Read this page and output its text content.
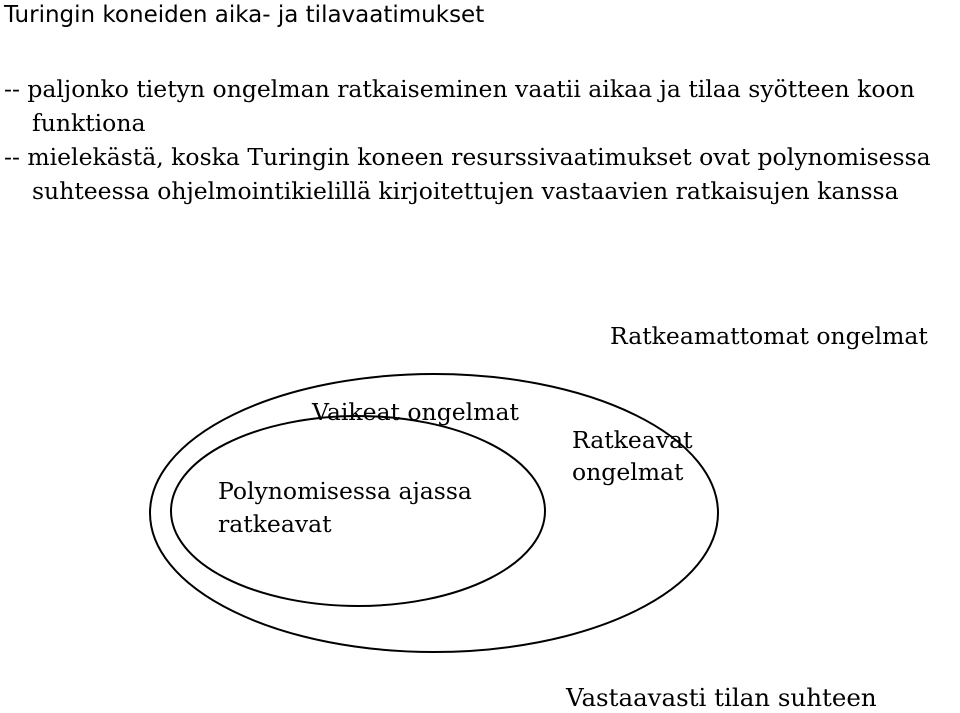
Turingin koneiden aika- ja tilavaatimukset

-- paljonko tietyn ongelman ratkaiseminen vaatii aikaa ja tilaa syötteen koon funktiona

-- mielekästä, koska Turingin koneen resurssivaatimukset ovat polynomisessa suhteessa ohjelmointikielillä kirjoitettujen vastaavien ratkaisujen kanssa

Ratkeamattomat ongelmat
Vaikeat ongelmat
Ratkeavat
ongelmat
Polynomisessa ajassa
ratkeavat
Vastaavasti tilan suhteen
